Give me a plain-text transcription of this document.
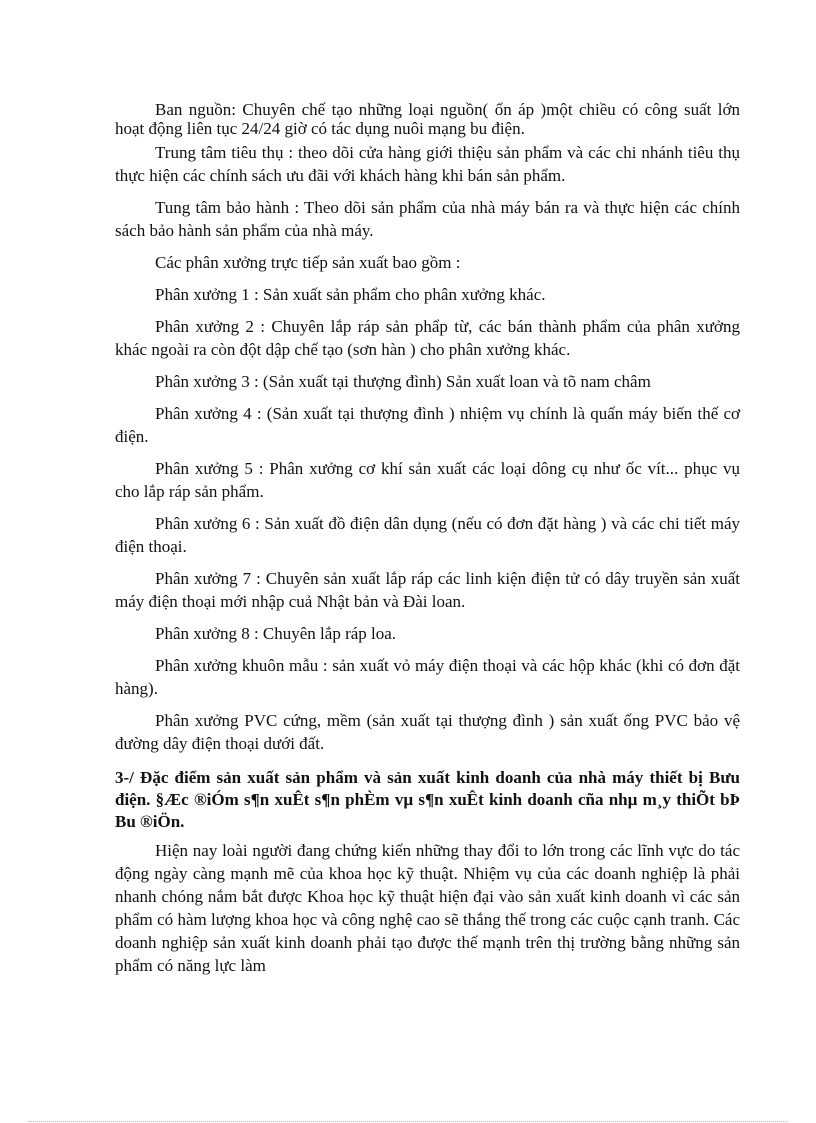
Ban nguồn: Chuyên chế tạo những loại nguồn( ổn áp )một chiều có công suất lớn hoạt động liên tục 24/24 giờ có tác dụng nuôi mạng bu điện.

Trung tâm tiêu thụ : theo dõi cửa hàng giới thiệu sản phẩm và các chi nhánh tiêu thụ thực hiện các chính sách ưu đãi với khách hàng khi bán sản phẩm.

Tung tâm bảo hành : Theo dõi sản phẩm của nhà máy bán ra và thực hiện các chính sách bảo hành sản phẩm của nhà máy.

Các phân xưởng trực tiếp sản xuất bao gồm :

Phân xưởng 1 : Sản xuất sản phẩm cho phân xưởng khác.

Phân xưởng 2 : Chuyên lắp ráp sản phẩp từ, các bán thành phẩm của phân xưởng khác ngoài ra còn đột dập chế tạo (sơn hàn ) cho phân xưởng khác.

Phân xưởng 3 : (Sản xuất tại thượng đình) Sản xuất loan và tõ nam châm

Phân xưởng 4 : (Sản xuất tại thượng đình ) nhiệm vụ chính là quấn máy biến thế cơ điện.

Phân xưởng 5 : Phân xưởng cơ khí sản xuất các loại dông cụ như ốc vít... phục vụ cho lắp ráp sản phẩm.

Phân xưởng 6 : Sản xuất đồ điện dân dụng (nếu có đơn đặt hàng ) và các chi tiết máy điện thoại.

Phân xưởng 7 : Chuyên sản xuất lắp ráp các linh kiện điện tử có dây truyền sản xuất máy điện thoại mới nhập cuả Nhật bản và Đài loan.

Phân xưởng 8 : Chuyên lắp ráp loa.

Phân xưởng khuôn mẫu : sản xuất vỏ máy điện thoại và các hộp khác (khi có đơn đặt hàng).

Phân xưởng PVC cứng, mềm (sản xuất tại thượng đình ) sản xuất ống PVC bảo vệ đường dây điện thoại dưới đất.

3-/ Đặc điểm sản xuất sản phẩm và sản xuất kinh doanh của nhà máy thiết bị Bưu điện. §Æc ®iÓm s¶n xuÊt s¶n phÈm vµ s¶n xuÊt kinh doanh cña nhµ m¸y thiÕt bÞ Bu ®iÖn.

Hiện nay loài người đang chứng kiến những thay đổi to lớn trong các lĩnh vực do tác động ngày càng mạnh mẽ của khoa học kỹ thuật. Nhiệm vụ của các doanh nghiệp là phải nhanh chóng nắm bắt được Khoa học kỹ thuật hiện đại vào sản xuất kinh doanh vì các sản phẩm có hàm lượng khoa học và công nghệ cao sẽ thắng thế trong các cuộc cạnh tranh. Các doanh nghiệp sản xuất kinh doanh phải tạo được thế mạnh trên thị trường bằng những sản phẩm có năng lực làm
